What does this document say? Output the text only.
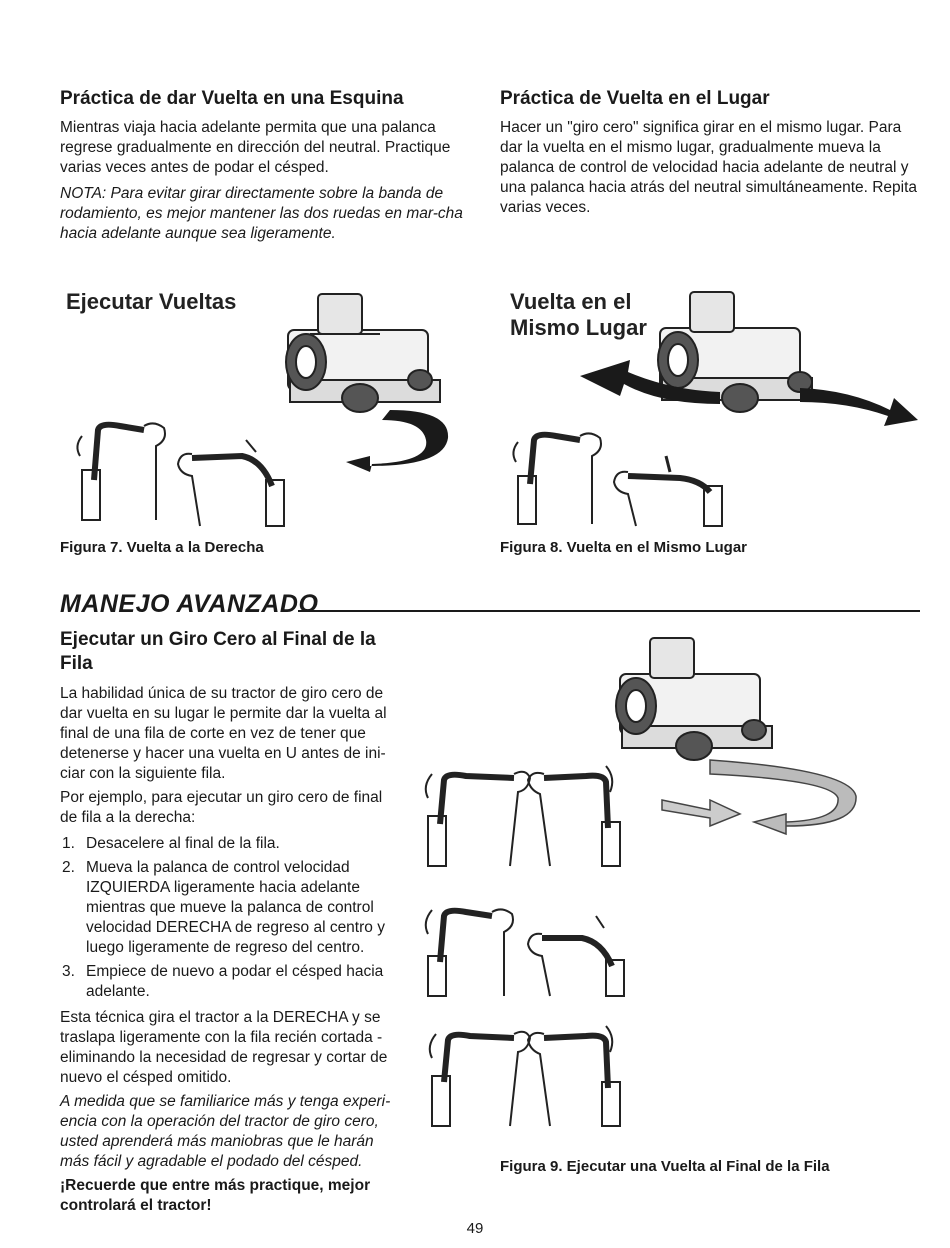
Práctica de dar Vuelta en una Esquina

Mientras viaja hacia adelante permita que una palanca regrese gradualmente en dirección del neutral. Practique varias veces antes de podar el césped.

NOTA: Para evitar girar directamente sobre la banda de rodamiento, es mejor mantener las dos ruedas en mar-cha hacia adelante aunque sea ligeramente.

Práctica de Vuelta en el Lugar

Hacer un "giro cero" significa girar en el mismo lugar. Para dar la vuelta en el mismo lugar, gradualmente mueva la palanca de control de velocidad hacia adelante de neutral y una palanca hacia atrás del neutral simultáneamente. Repita varias veces.

Ejecutar Vueltas
Figura 7. Vuelta a la Derecha
Vuelta en el
Mismo Lugar
Figura 8. Vuelta en el Mismo Lugar
MANEJO AVANZADO
Ejecutar un Giro Cero al Final de la Fila

La habilidad única de su tractor de giro cero de dar vuelta en su lugar le permite dar la vuelta al final de una fila de corte en vez de tener que detenerse y hacer una vuelta en U antes de ini-ciar con la siguiente fila.

Por ejemplo, para ejecutar un giro cero de final de fila a la derecha:

1. Desacelere al final de la fila.
2. Mueva la palanca de control velocidad IZQUIERDA ligeramente hacia adelante mientras que mueve la palanca de control velocidad DERECHA de regreso al centro y luego ligeramente de regreso del centro.
3. Empiece de nuevo a podar el césped hacia adelante.

Esta técnica gira el tractor a la DERECHA y se traslapa ligeramente con la fila recién cortada - eliminando la necesidad de regresar y cortar de nuevo el césped omitido.

A medida que se familiarice más y tenga experi-encia con la operación del tractor de giro cero, usted aprenderá más maniobras que le harán más fácil y agradable el podado del césped.

¡Recuerde que entre más practique, mejor controlará el tractor!

Figura 9. Ejecutar una Vuelta al Final de la Fila
49
